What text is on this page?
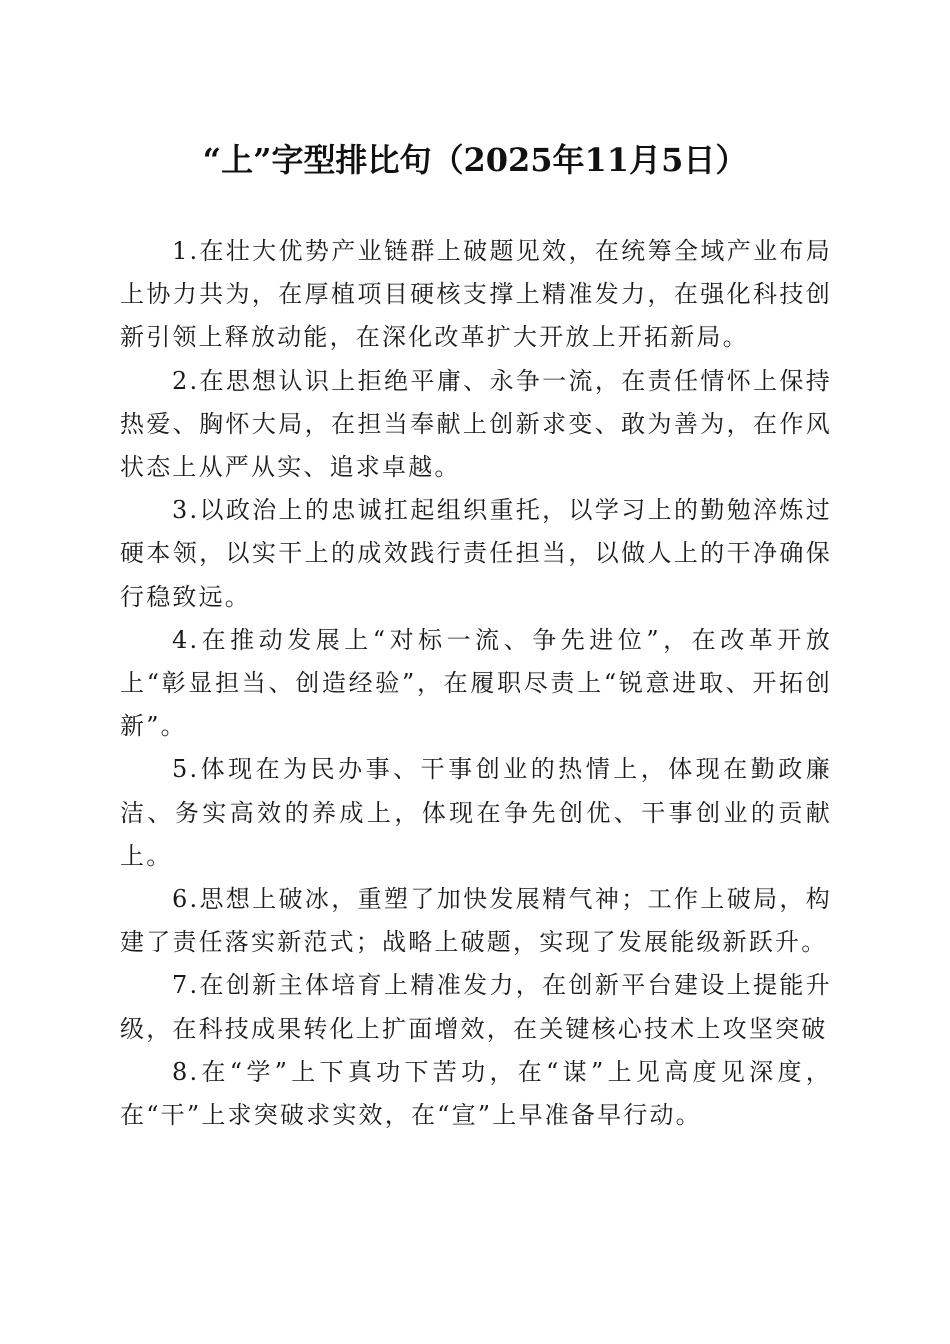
“上”字型排比句（2025年11月5日）

1.在壮大优势产业链群上破题见效，在统筹全域产业布局上协力共为，在厚植项目硬核支撑上精准发力，在强化科技创新引领上释放动能，在深化改革扩大开放上开拓新局。

2.在思想认识上拒绝平庸、永争一流，在责任情怀上保持热爱、胸怀大局，在担当奉献上创新求变、敢为善为，在作风状态上从严从实、追求卓越。

3.以政治上的忠诚扛起组织重托，以学习上的勤勉淬炼过硬本领，以实干上的成效践行责任担当，以做人上的干净确保行稳致远。

4.在推动发展上“对标一流、争先进位”，在改革开放上“彰显担当、创造经验”，在履职尽责上“锐意进取、开拓创新”。

5.体现在为民办事、干事创业的热情上，体现在勤政廉洁、务实高效的养成上，体现在争先创优、干事创业的贡献上。

6.思想上破冰，重塑了加快发展精气神；工作上破局，构建了责任落实新范式；战略上破题，实现了发展能级新跃升。

7.在创新主体培育上精准发力，在创新平台建设上提能升级，在科技成果转化上扩面增效，在关键核心技术上攻坚突破

8.在“学”上下真功下苦功，在“谋”上见高度见深度，在“干”上求突破求实效，在“宣”上早准备早行动。
